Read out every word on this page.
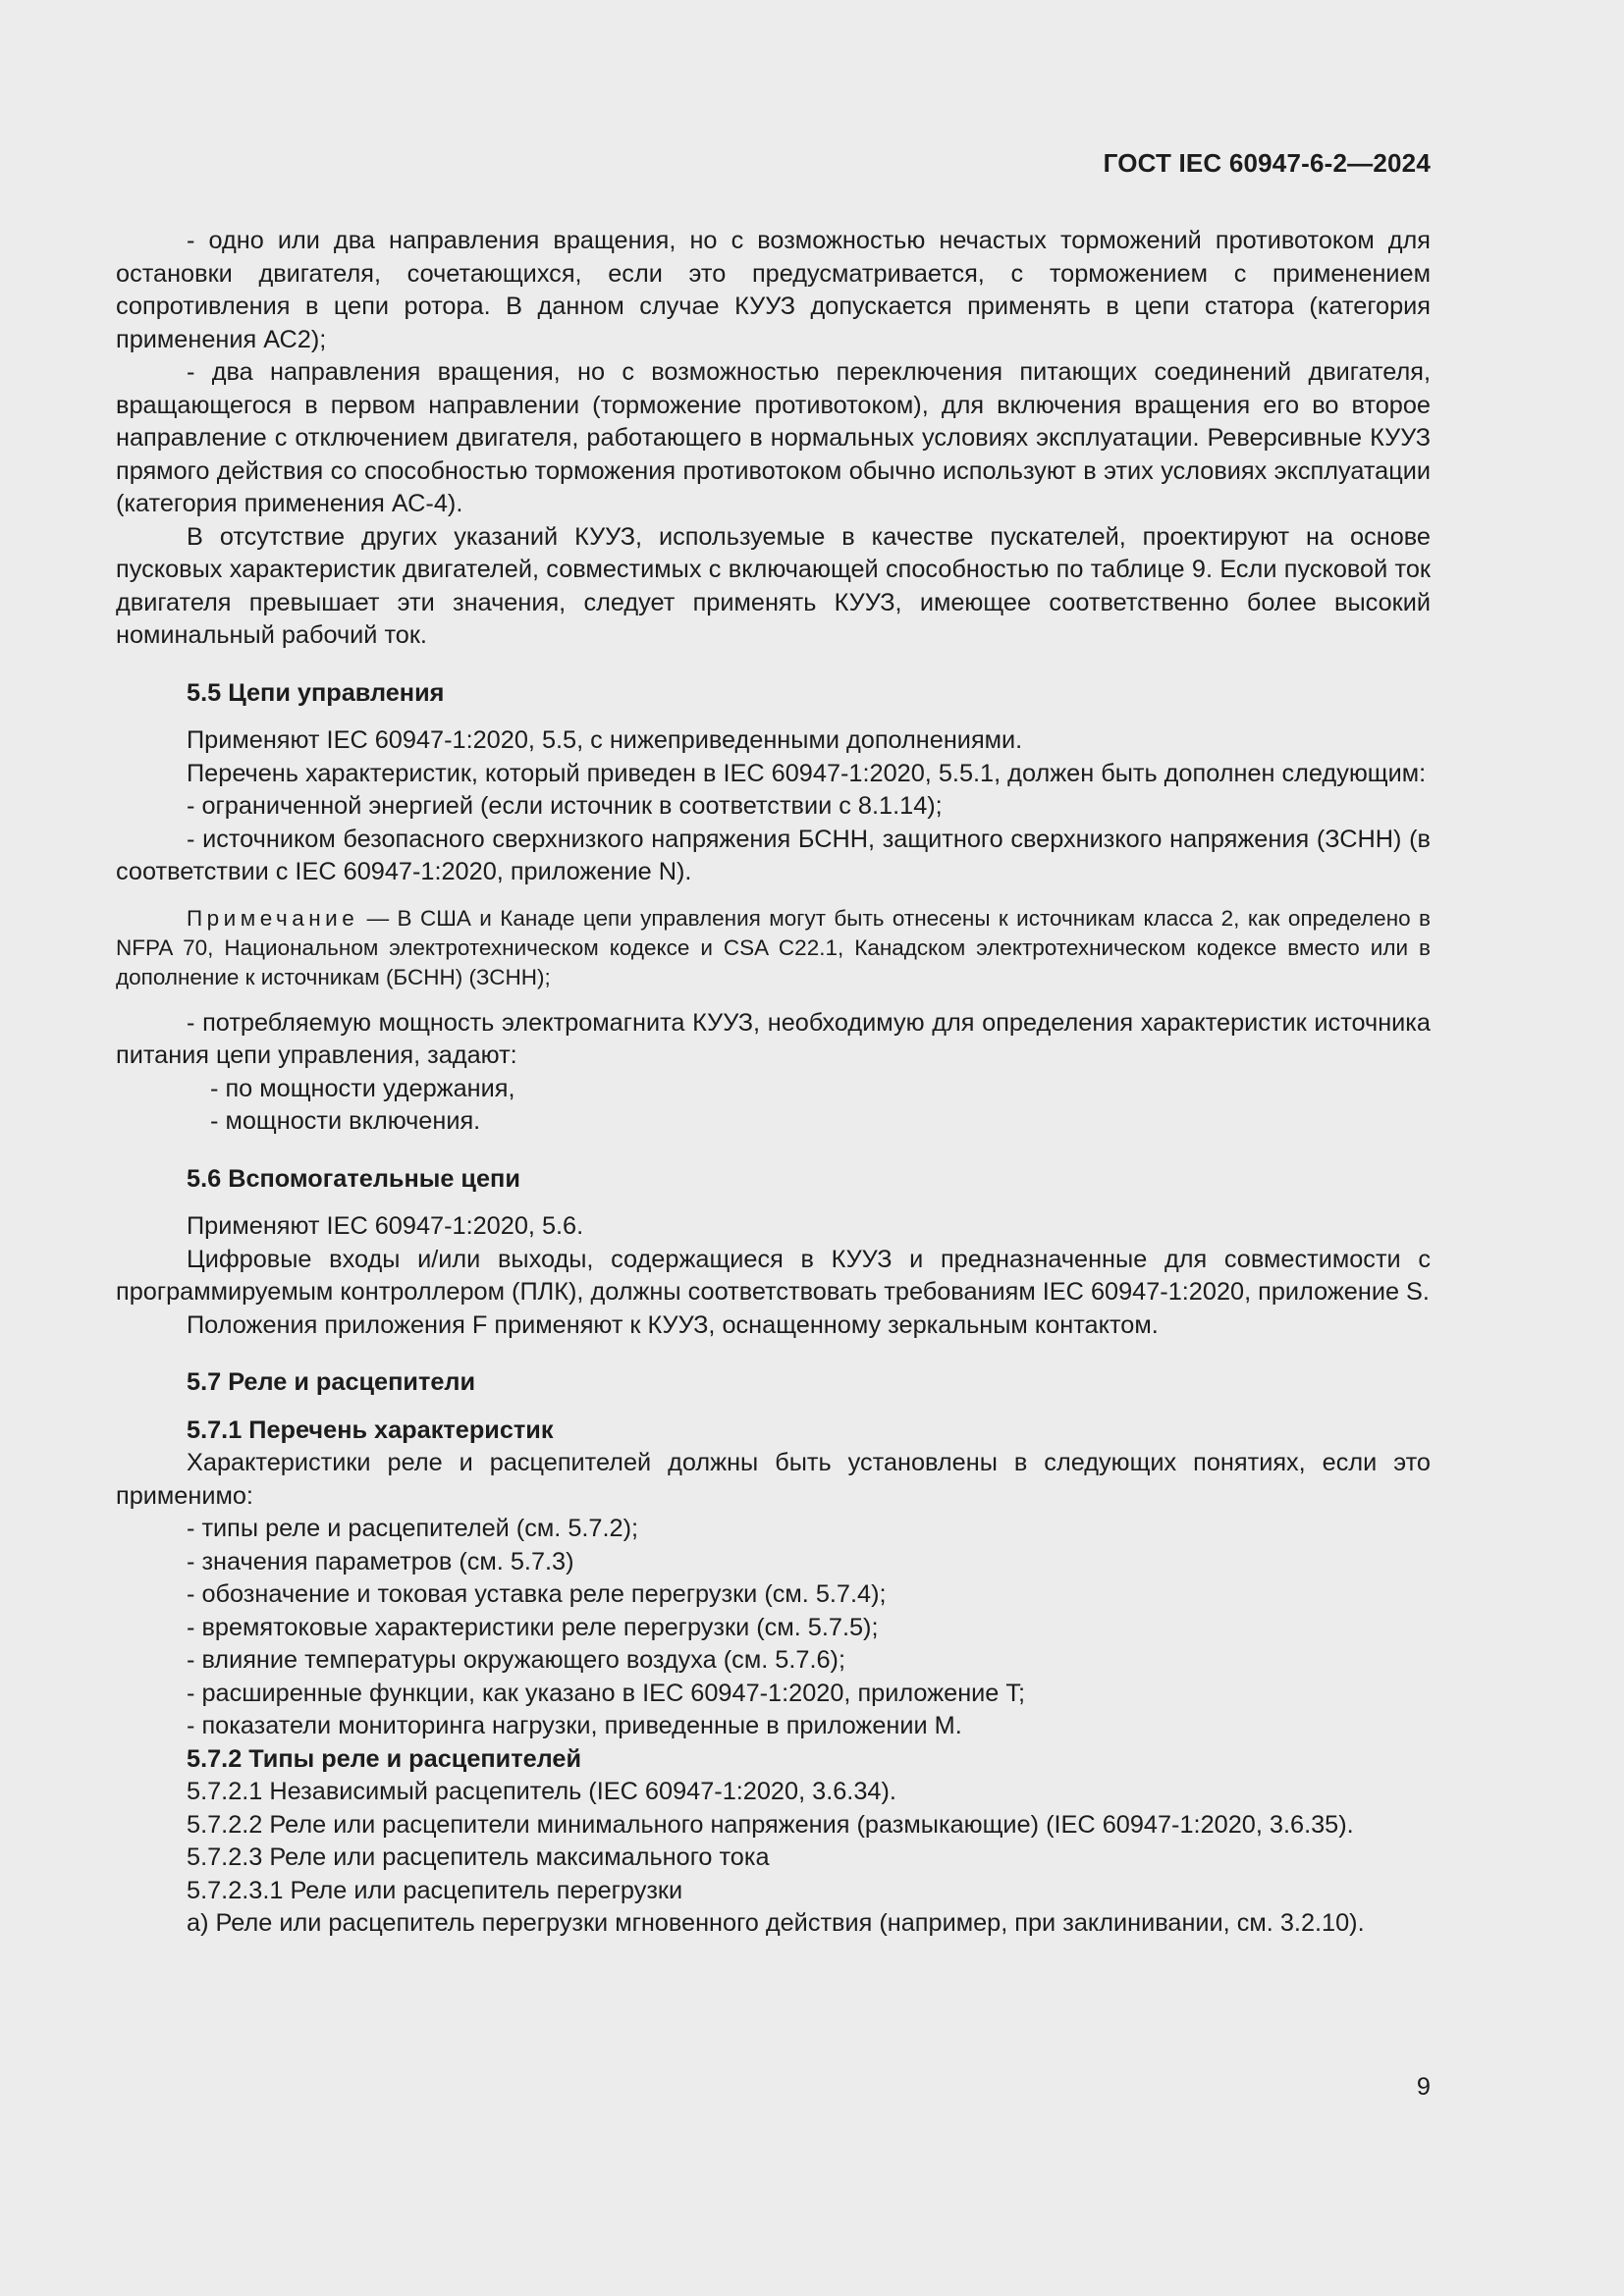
ГОСТ IEC 60947-6-2—2024

- одно или два направления вращения, но с возможностью нечастых торможений противотоком для остановки двигателя, сочетающихся, если это предусматривается, с торможением с применением сопротивления в цепи ротора. В данном случае КУУЗ допускается применять в цепи статора (категория применения АС2);

- два направления вращения, но с возможностью переключения питающих соединений двигателя, вращающегося в первом направлении (торможение противотоком), для включения вращения его во второе направление с отключением двигателя, работающего в нормальных условиях эксплуатации. Реверсивные КУУЗ прямого действия со способностью торможения противотоком обычно используют в этих условиях эксплуатации (категория применения АС-4).

В отсутствие других указаний КУУЗ, используемые в качестве пускателей, проектируют на основе пусковых характеристик двигателей, совместимых с включающей способностью по таблице 9. Если пусковой ток двигателя превышает эти значения, следует применять КУУЗ, имеющее соответственно более высокий номинальный рабочий ток.

5.5 Цепи управления

Применяют IEC 60947-1:2020, 5.5, с нижеприведенными дополнениями.

Перечень характеристик, который приведен в IEC 60947-1:2020, 5.5.1, должен быть дополнен следующим:

- ограниченной энергией (если источник в соответствии с 8.1.14);

- источником безопасного сверхнизкого напряжения БСНН, защитного сверхнизкого напряжения (ЗСНН) (в соответствии с IEC 60947-1:2020, приложение N).

Примечание — В США и Канаде цепи управления могут быть отнесены к источникам класса 2, как определено в NFPA 70, Национальном электротехническом кодексе и CSA C22.1, Канадском электротехническом кодексе вместо или в дополнение к источникам (БСНН) (ЗСНН);

- потребляемую мощность электромагнита КУУЗ, необходимую для определения характеристик источника питания цепи управления, задают:

- по мощности удержания,

- мощности включения.

5.6 Вспомогательные цепи

Применяют IEC 60947-1:2020, 5.6.

Цифровые входы и/или выходы, содержащиеся в КУУЗ и предназначенные для совместимости с программируемым контроллером (ПЛК), должны соответствовать требованиям IEC 60947-1:2020, приложение S.

Положения приложения F применяют к КУУЗ, оснащенному зеркальным контактом.

5.7 Реле и расцепители

5.7.1 Перечень характеристик

Характеристики реле и расцепителей должны быть установлены в следующих понятиях, если это применимо:

- типы реле и расцепителей (см. 5.7.2);

- значения параметров (см. 5.7.3)

- обозначение и токовая уставка реле перегрузки (см. 5.7.4);

- времятоковые характеристики реле перегрузки (см. 5.7.5);

- влияние температуры окружающего воздуха (см. 5.7.6);

- расширенные функции, как указано в IEC 60947-1:2020, приложение T;

- показатели мониторинга нагрузки, приведенные в приложении M.

5.7.2 Типы реле и расцепителей

5.7.2.1 Независимый расцепитель (IEC 60947-1:2020, 3.6.34).

5.7.2.2 Реле или расцепители минимального напряжения (размыкающие) (IEC 60947-1:2020, 3.6.35).

5.7.2.3 Реле или расцепитель максимального тока

5.7.2.3.1 Реле или расцепитель перегрузки

a) Реле или расцепитель перегрузки мгновенного действия (например, при заклинивании, см. 3.2.10).

9
